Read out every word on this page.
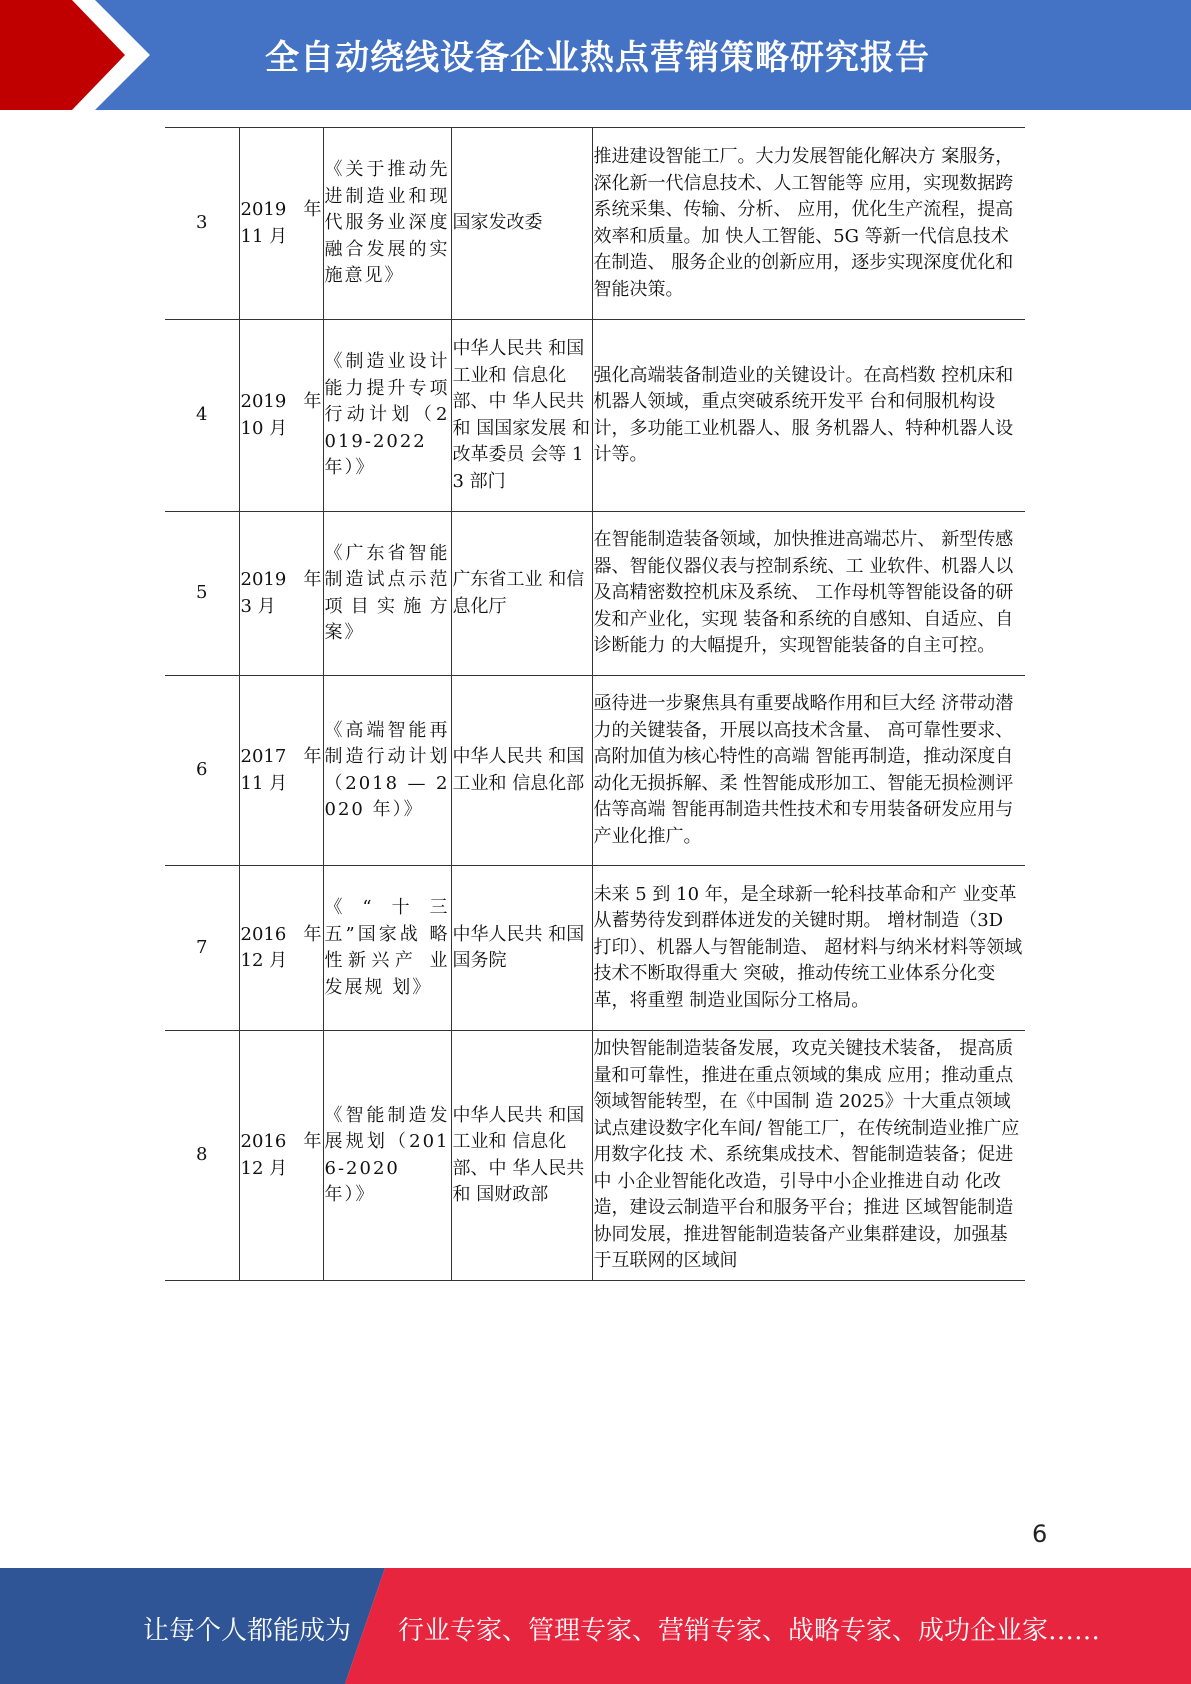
全自动绕线设备企业热点营销策略研究报告
3	2019 年 11 月	《关于推动先进制造业和现代服务业深度融合发展的实施意见》	国家发改委	推进建设智能工厂。大力发展智能化解决方 案服务，深化新一代信息技术、人工智能等 应用，实现数据跨系统采集、传输、分析、 应用，优化生产流程，提高效率和质量。加 快人工智能、5G 等新一代信息技术在制造、 服务企业的创新应用，逐步实现深度优化和 智能决策。
4	2019 年 10 月	《制造业设计能力提升专项行动计划（2019-2022 年）》	中华人民共 和国工业和 信息化部、中 华人民共和 国国家发展 和改革委员 会等 13 部门	强化高端装备制造业的关键设计。在高档数 控机床和机器人领域，重点突破系统开发平 台和伺服机构设计，多功能工业机器人、服 务机器人、特种机器人设计等。
5	2019 年 3 月	《广东省智能制造试点示范项目实施方案》	广东省工业 和信息化厅	在智能制造装备领域，加快推进高端芯片、 新型传感器、智能仪器仪表与控制系统、工 业软件、机器人以及高精密数控机床及系统、 工作母机等智能设备的研发和产业化，实现 装备和系统的自感知、自适应、自诊断能力 的大幅提升，实现智能装备的自主可控。
6	2017 年 11 月	《高端智能再制造行动计划（2018 — 2020 年）》	中华人民共 和国工业和 信息化部	亟待进一步聚焦具有重要战略作用和巨大经 济带动潜力的关键装备，开展以高技术含量、 高可靠性要求、高附加值为核心特性的高端 智能再制造，推动深度自动化无损拆解、柔 性智能成形加工、智能无损检测评估等高端 智能再制造共性技术和专用装备研发应用与 产业化推广。
7	2016 年 12 月	《“十三 五”国家战 略性新兴产 业发展规 划》	中华人民共 和国国务院	未来 5 到 10 年，是全球新一轮科技革命和产 业变革从蓄势待发到群体迸发的关键时期。 增材制造（3D 打印）、机器人与智能制造、 超材料与纳米材料等领域技术不断取得重大 突破，推动传统工业体系分化变革，将重塑 制造业国际分工格局。
8	2016 年 12 月	《智能制造发展规划（2016-2020 年）》	中华人民共 和国工业和 信息化部、中 华人民共和 国财政部	加快智能制造装备发展，攻克关键技术装备， 提高质量和可靠性，推进在重点领域的集成 应用；推动重点领域智能转型，在《中国制 造 2025》十大重点领域试点建设数字化车间/ 智能工厂，在传统制造业推广应用数字化技 术、系统集成技术、智能制造装备；促进中 小企业智能化改造，引导中小企业推进自动 化改造，建设云制造平台和服务平台；推进 区域智能制造协同发展，推进智能制造装备产业集群建设，加强基于互联网的区域间
6
让每个人都能成为 行业专家、管理专家、营销专家、战略专家、成功企业家……
